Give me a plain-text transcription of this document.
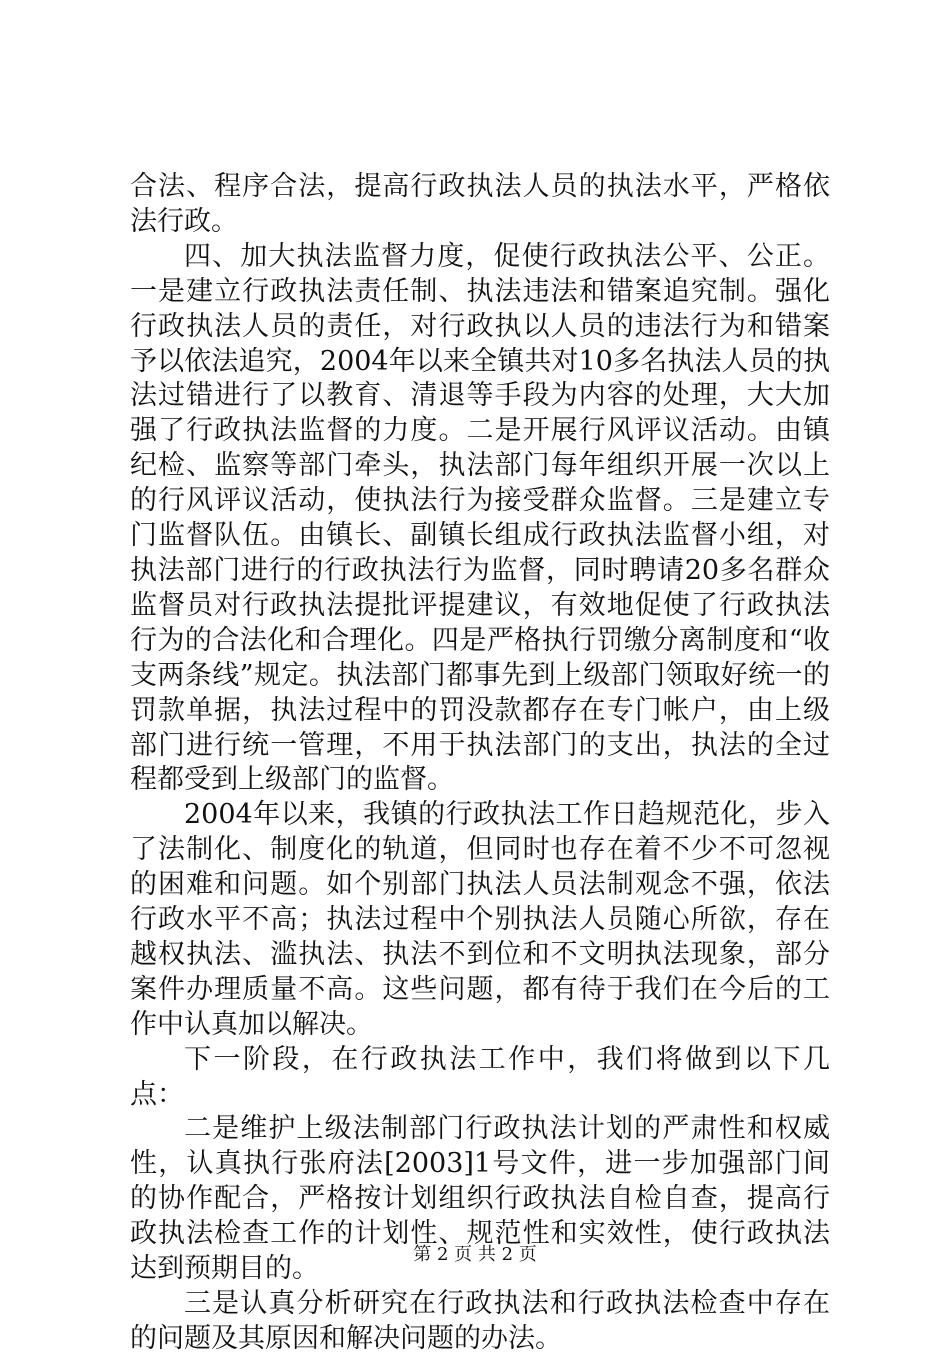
合法、程序合法，提高行政执法人员的执法水平，严格依法行政。

四、加大执法监督力度，促使行政执法公平、公正。一是建立行政执法责任制、执法违法和错案追究制。强化行政执法人员的责任，对行政执以人员的违法行为和错案予以依法追究，2004年以来全镇共对10多名执法人员的执法过错进行了以教育、清退等手段为内容的处理，大大加强了行政执法监督的力度。二是开展行风评议活动。由镇纪检、监察等部门牵头，执法部门每年组织开展一次以上的行风评议活动，使执法行为接受群众监督。三是建立专门监督队伍。由镇长、副镇长组成行政执法监督小组，对执法部门进行的行政执法行为监督，同时聘请20多名群众监督员对行政执法提批评提建议，有效地促使了行政执法行为的合法化和合理化。四是严格执行罚缴分离制度和“收支两条线”规定。执法部门都事先到上级部门领取好统一的罚款单据，执法过程中的罚没款都存在专门帐户，由上级部门进行统一管理，不用于执法部门的支出，执法的全过程都受到上级部门的监督。

2004年以来，我镇的行政执法工作日趋规范化，步入了法制化、制度化的轨道，但同时也存在着不少不可忽视的困难和问题。如个别部门执法人员法制观念不强，依法行政水平不高；执法过程中个别执法人员随心所欲，存在越权执法、滥执法、执法不到位和不文明执法现象，部分案件办理质量不高。这些问题，都有待于我们在今后的工作中认真加以解决。

下一阶段，在行政执法工作中，我们将做到以下几点：

二是维护上级法制部门行政执法计划的严肃性和权威性，认真执行张府法[2003]1号文件，进一步加强部门间的协作配合，严格按计划组织行政执法自检自查，提高行政执法检查工作的计划性、规范性和实效性，使行政执法达到预期目的。

三是认真分析研究在行政执法和行政执法检查中存在的问题及其原因和解决问题的办法。

第 2 页 共 2 页
